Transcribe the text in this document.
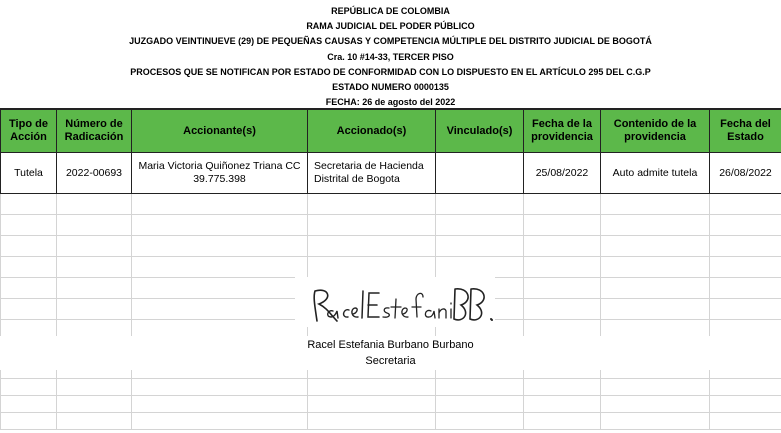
REPÚBLICA DE COLOMBIA
RAMA JUDICIAL DEL PODER PÚBLICO
JUZGADO VEINTINUEVE (29) DE PEQUEÑAS CAUSAS Y COMPETENCIA MÚLTIPLE DEL DISTRITO JUDICIAL DE BOGOTÁ
Cra. 10 #14-33, TERCER PISO
PROCESOS QUE SE NOTIFICAN POR ESTADO DE CONFORMIDAD CON LO DISPUESTO EN EL ARTÍCULO 295 DEL C.G.P
ESTADO NUMERO 0000135
FECHA: 26 de agosto del 2022
Tipo de Acción	Número de Radicación	Accionante(s)	Accionado(s)	Vinculado(s)	Fecha de la providencia	Contenido de la providencia	Fecha del Estado
Tutela	2022-00693	Maria Victoria Quiñonez Triana CC 39.775.398	Secretaria de Hacienda Distrital de Bogota		25/08/2022	Auto admite tutela	26/08/2022

Racel Estefania Burbano Burbano
Secretaria
